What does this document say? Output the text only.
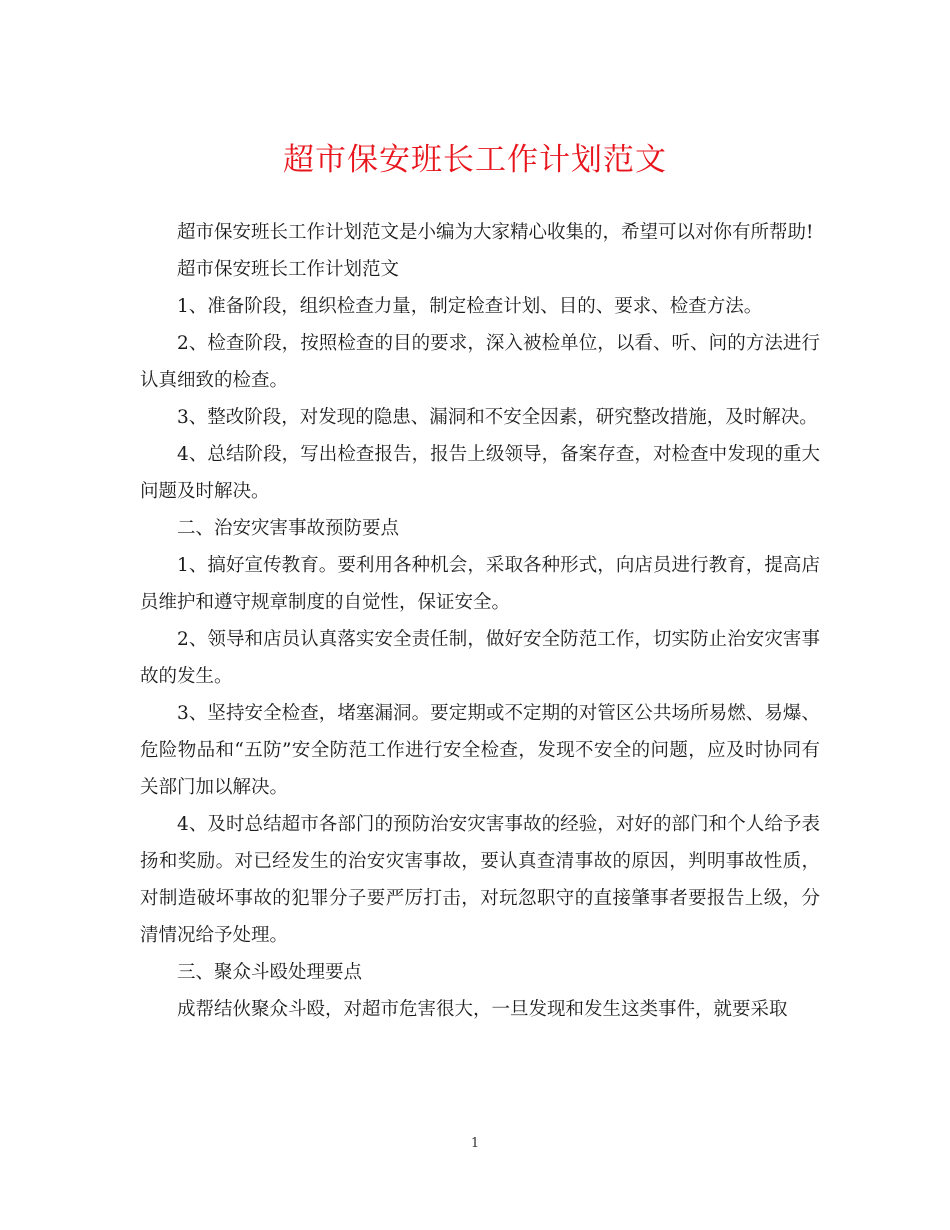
超市保安班长工作计划范文

超市保安班长工作计划范文是小编为大家精心收集的，希望可以对你有所帮助!

超市保安班长工作计划范文

1、准备阶段，组织检查力量，制定检查计划、目的、要求、检查方法。

2、检查阶段，按照检查的目的要求，深入被检单位，以看、听、问的方法进行认真细致的检查。

3、整改阶段，对发现的隐患、漏洞和不安全因素，研究整改措施，及时解决。

4、总结阶段，写出检查报告，报告上级领导，备案存查，对检查中发现的重大问题及时解决。

二、治安灾害事故预防要点

1、搞好宣传教育。要利用各种机会，采取各种形式，向店员进行教育，提高店员维护和遵守规章制度的自觉性，保证安全。

2、领导和店员认真落实安全责任制，做好安全防范工作，切实防止治安灾害事故的发生。

3、坚持安全检查，堵塞漏洞。要定期或不定期的对管区公共场所易燃、易爆、危险物品和“五防”安全防范工作进行安全检查，发现不安全的问题，应及时协同有关部门加以解决。

4、及时总结超市各部门的预防治安灾害事故的经验，对好的部门和个人给予表扬和奖励。对已经发生的治安灾害事故，要认真查清事故的原因，判明事故性质，对制造破坏事故的犯罪分子要严厉打击，对玩忽职守的直接肇事者要报告上级，分清情况给予处理。

三、聚众斗殴处理要点

成帮结伙聚众斗殴，对超市危害很大，一旦发现和发生这类事件，就要采取

1
